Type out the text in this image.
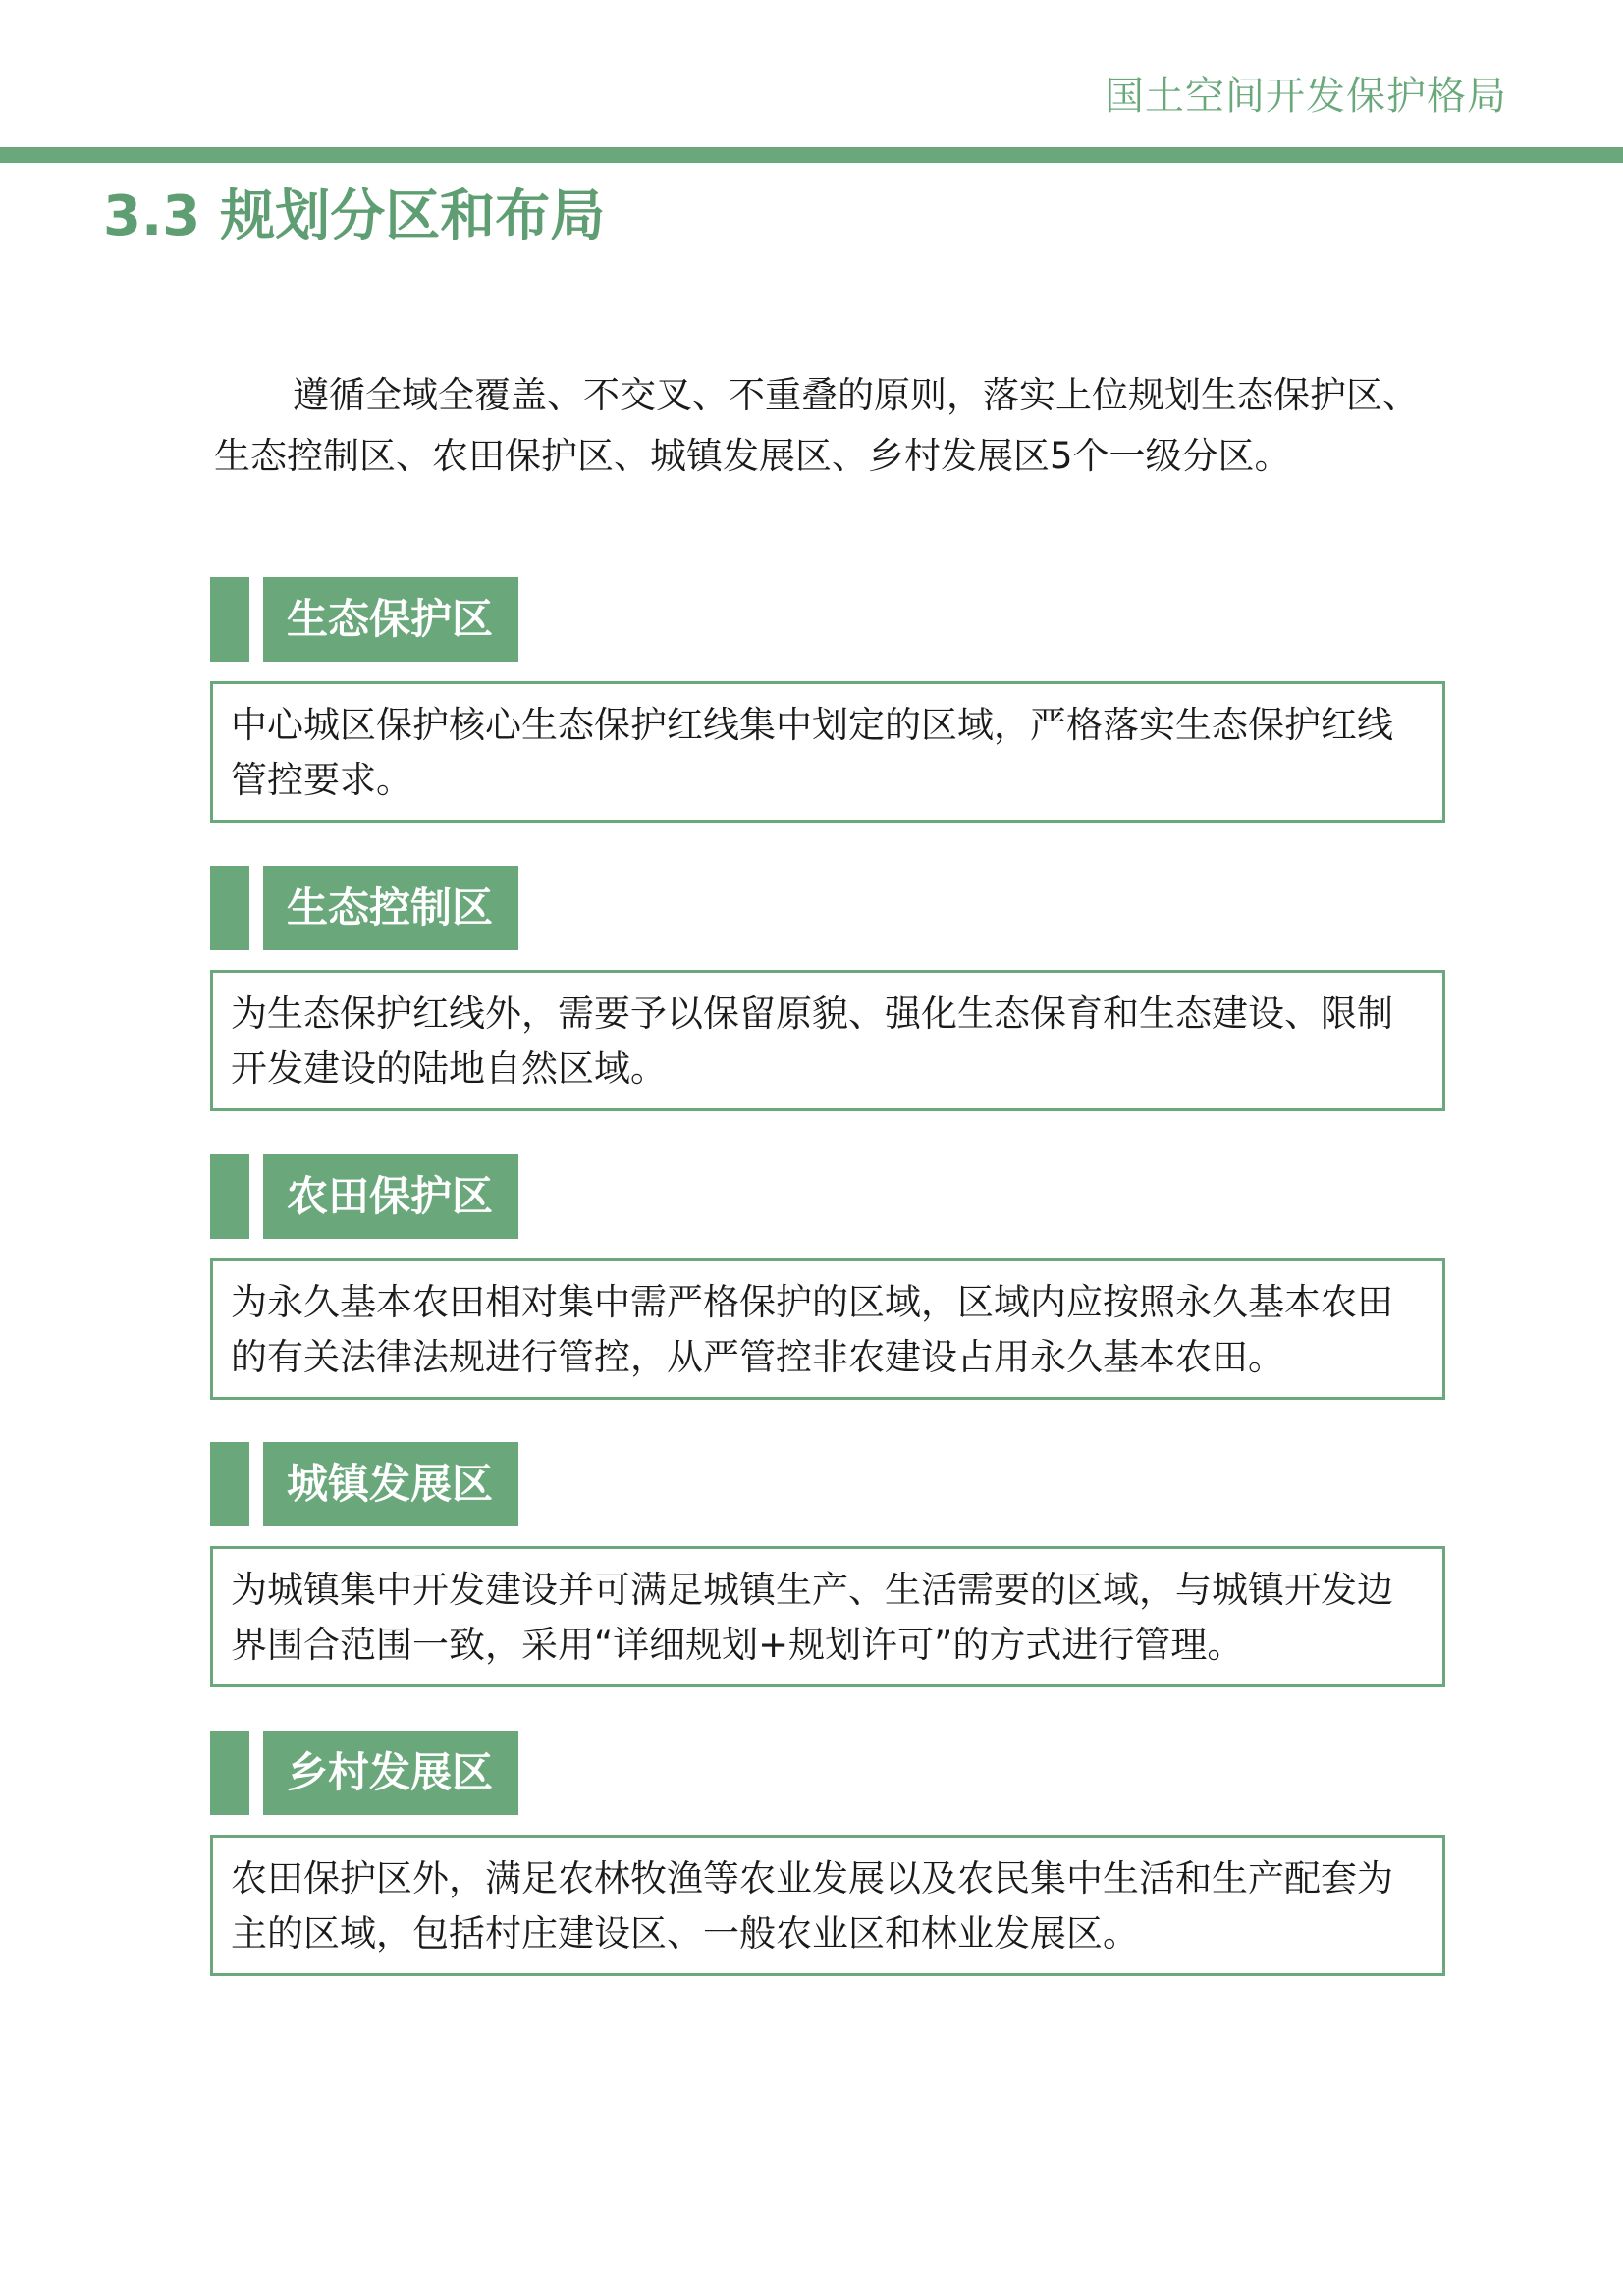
国土空间开发保护格局
3.3 规划分区和布局

遵循全域全覆盖、不交叉、不重叠的原则，落实上位规划生态保护区、生态控制区、农田保护区、城镇发展区、乡村发展区5个一级分区。

生态保护区
中心城区保护核心生态保护红线集中划定的区域，严格落实生态保护红线管控要求。
生态控制区
为生态保护红线外，需要予以保留原貌、强化生态保育和生态建设、限制开发建设的陆地自然区域。
农田保护区
为永久基本农田相对集中需严格保护的区域，区域内应按照永久基本农田的有关法律法规进行管控，从严管控非农建设占用永久基本农田。
城镇发展区
为城镇集中开发建设并可满足城镇生产、生活需要的区域，与城镇开发边界围合范围一致，采用“详细规划+规划许可”的方式进行管理。
乡村发展区
农田保护区外，满足农林牧渔等农业发展以及农民集中生活和生产配套为主的区域，包括村庄建设区、一般农业区和林业发展区。
